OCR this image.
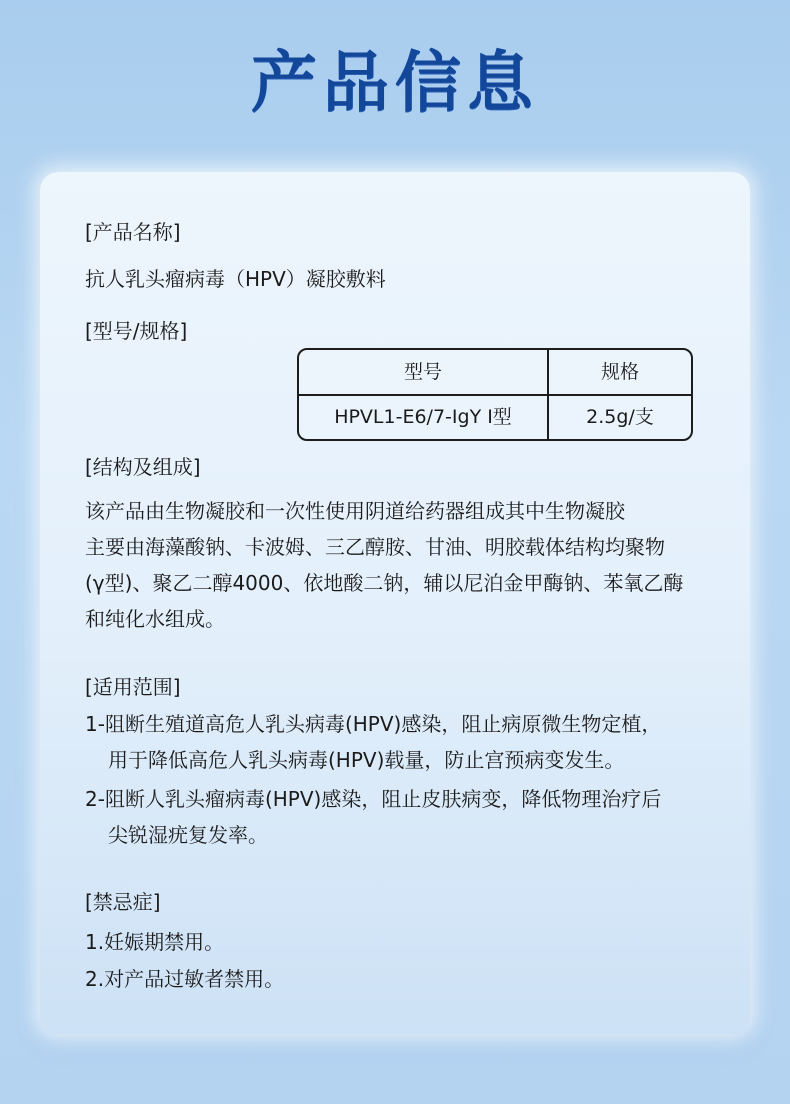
产品信息
[产品名称]
抗人乳头瘤病毒（HPV）凝胶敷料
[型号/规格]
型号	规格
HPVL1-E6/7-IgY Ⅰ型	2.5g/支
[结构及组成]
该产品由生物凝胶和一次性使用阴道给药器组成其中生物凝胶
主要由海藻酸钠、卡波姆、三乙醇胺、甘油、明胶载体结构均聚物
(γ型)、聚乙二醇4000、依地酸二钠，辅以尼泊金甲酶钠、苯氧乙酶
和纯化水组成。
[适用范围]
1-阻断生殖道高危人乳头病毒(HPV)感染，阻止病原微生物定植，
用于降低高危人乳头病毒(HPV)载量，防止宫预病变发生。
2-阻断人乳头瘤病毒(HPV)感染，阻止皮肤病变，降低物理治疗后
尖锐湿疣复发率。
[禁忌症]
1.妊娠期禁用。
2.对产品过敏者禁用。
